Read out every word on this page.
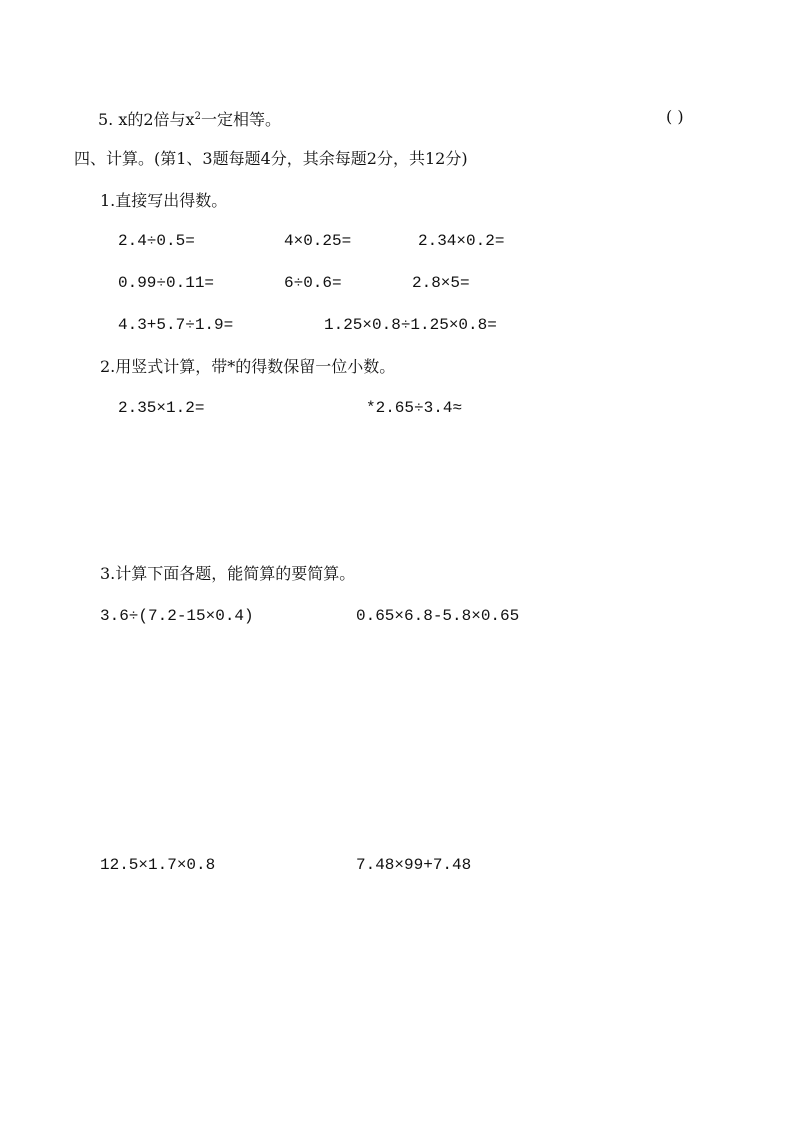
5. x的2倍与$x^2$一定相等。	( )
四、计算。(第1、3题每题4分，其余每题2分，共12分)
1.直接写出得数。
2.4÷0.5=	4×0.25=	2.34×0.2=
0.99÷0.11=	6÷0.6=	2.8×5=
4.3+5.7÷1.9=	1.25×0.8÷1.25×0.8=
2.用竖式计算，带*的得数保留一位小数。
2.35×1.2=	*2.65÷3.4≈
3.计算下面各题，能简算的要简算。
3.6÷(7.2-15×0.4)	0.65×6.8-5.8×0.65
12.5×1.7×0.8	7.48×99+7.48
